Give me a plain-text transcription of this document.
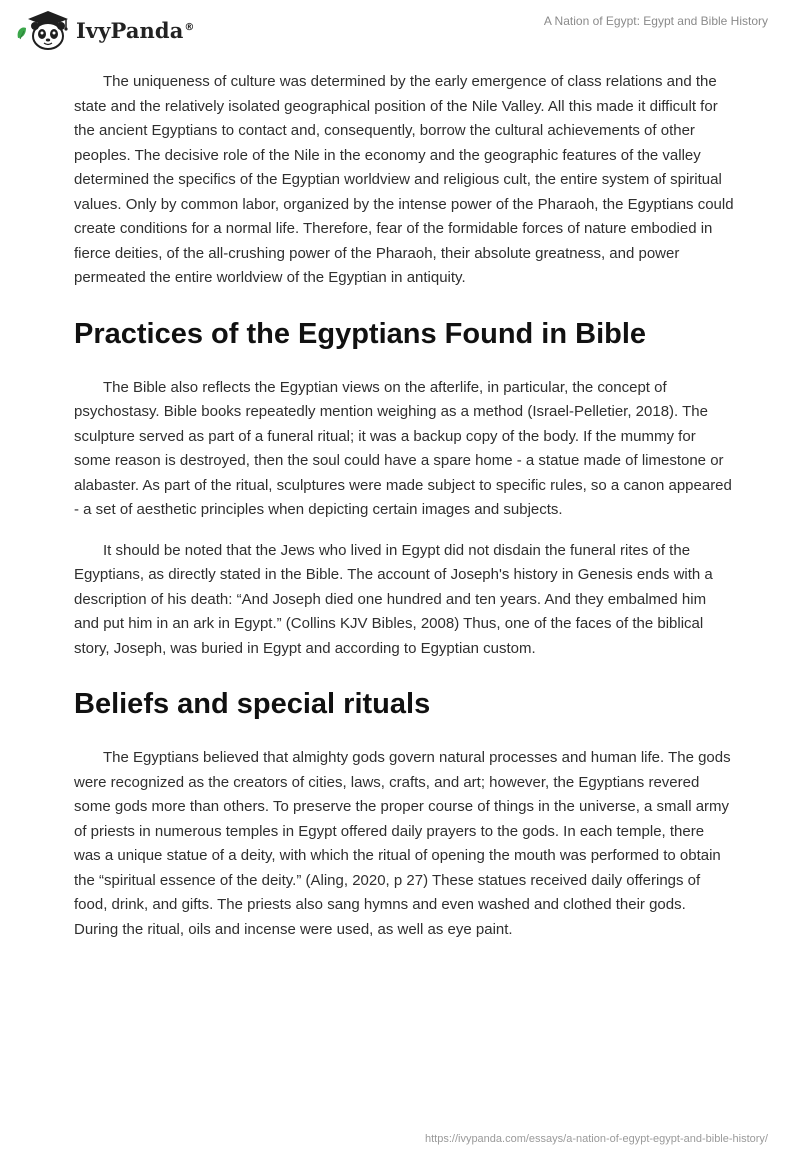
IvyPanda®	A Nation of Egypt: Egypt and Bible History

The uniqueness of culture was determined by the early emergence of class relations and the state and the relatively isolated geographical position of the Nile Valley. All this made it difficult for the ancient Egyptians to contact and, consequently, borrow the cultural achievements of other peoples. The decisive role of the Nile in the economy and the geographic features of the valley determined the specifics of the Egyptian worldview and religious cult, the entire system of spiritual values. Only by common labor, organized by the intense power of the Pharaoh, the Egyptians could create conditions for a normal life. Therefore, fear of the formidable forces of nature embodied in fierce deities, of the all-crushing power of the Pharaoh, their absolute greatness, and power permeated the entire worldview of the Egyptian in antiquity.

Practices of the Egyptians Found in Bible

The Bible also reflects the Egyptian views on the afterlife, in particular, the concept of psychostasy. Bible books repeatedly mention weighing as a method (Israel-Pelletier, 2018). The sculpture served as part of a funeral ritual; it was a backup copy of the body. If the mummy for some reason is destroyed, then the soul could have a spare home - a statue made of limestone or alabaster. As part of the ritual, sculptures were made subject to specific rules, so a canon appeared - a set of aesthetic principles when depicting certain images and subjects.

It should be noted that the Jews who lived in Egypt did not disdain the funeral rites of the Egyptians, as directly stated in the Bible. The account of Joseph's history in Genesis ends with a description of his death: “And Joseph died one hundred and ten years. And they embalmed him and put him in an ark in Egypt.” (Collins KJV Bibles, 2008) Thus, one of the faces of the biblical story, Joseph, was buried in Egypt and according to Egyptian custom.

Beliefs and special rituals

The Egyptians believed that almighty gods govern natural processes and human life. The gods were recognized as the creators of cities, laws, crafts, and art; however, the Egyptians revered some gods more than others. To preserve the proper course of things in the universe, a small army of priests in numerous temples in Egypt offered daily prayers to the gods. In each temple, there was a unique statue of a deity, with which the ritual of opening the mouth was performed to obtain the “spiritual essence of the deity.” (Aling, 2020, p 27) These statues received daily offerings of food, drink, and gifts. The priests also sang hymns and even washed and clothed their gods. During the ritual, oils and incense were used, as well as eye paint.

https://ivypanda.com/essays/a-nation-of-egypt-egypt-and-bible-history/
